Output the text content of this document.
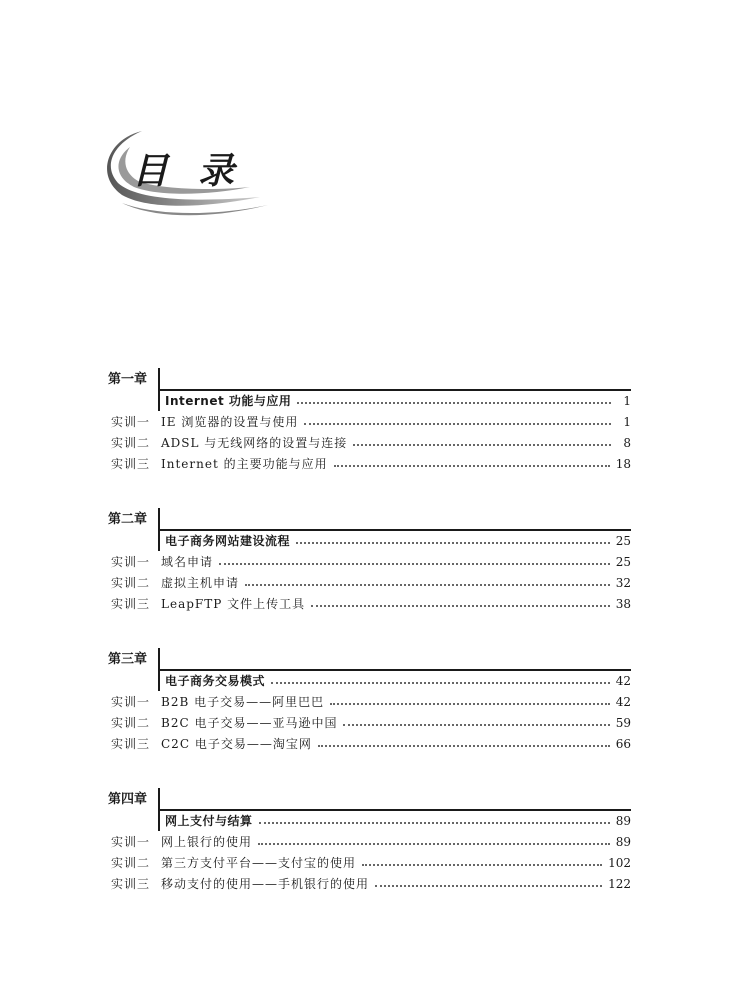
目录
第一章
Internet 功能与应用	1
实训一 IE 浏览器的设置与使用	1
实训二 ADSL 与无线网络的设置与连接	8
实训三 Internet 的主要功能与应用	18
第二章
电子商务网站建设流程	25
实训一 域名申请	25
实训二 虚拟主机申请	32
实训三 LeapFTP 文件上传工具	38
第三章
电子商务交易模式	42
实训一 B2B 电子交易——阿里巴巴	42
实训二 B2C 电子交易——亚马逊中国	59
实训三 C2C 电子交易——淘宝网	66
第四章
网上支付与结算	89
实训一 网上银行的使用	89
实训二 第三方支付平台——支付宝的使用	102
实训三 移动支付的使用——手机银行的使用	122
